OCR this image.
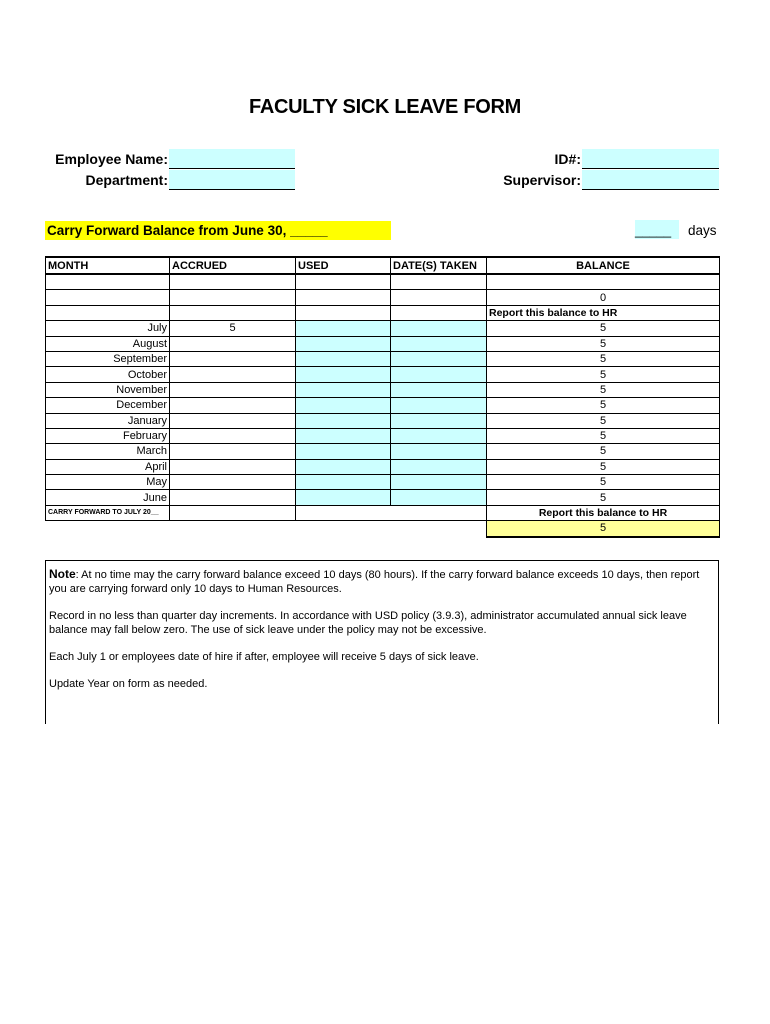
FACULTY SICK LEAVE FORM
Employee Name:
Department:
ID#:
Supervisor:
Carry Forward Balance from June 30, _____	_____	days
MONTH	ACCRUED	USED	DATE(S) TAKEN	BALANCE

				0
				Report this balance to HR
July	5			5
August				5
September				5
October				5
November				5
December				5
January				5
February				5
March				5
April				5
May				5
June				5
CARRY FORWARD TO JULY 20__				Report this balance to HR
				5

Note: At no time may the carry forward balance exceed 10 days (80 hours). If the carry forward balance exceeds 10 days, then report you are carrying forward only 10 days to Human Resources.

Record in no less than quarter day increments. In accordance with USD policy (3.9.3), administrator accumulated annual sick leave balance may fall below zero. The use of sick leave under the policy may not be excessive.

Each July 1 or employees date of hire if after, employee will receive 5 days of sick leave.

Update Year on form as needed.
